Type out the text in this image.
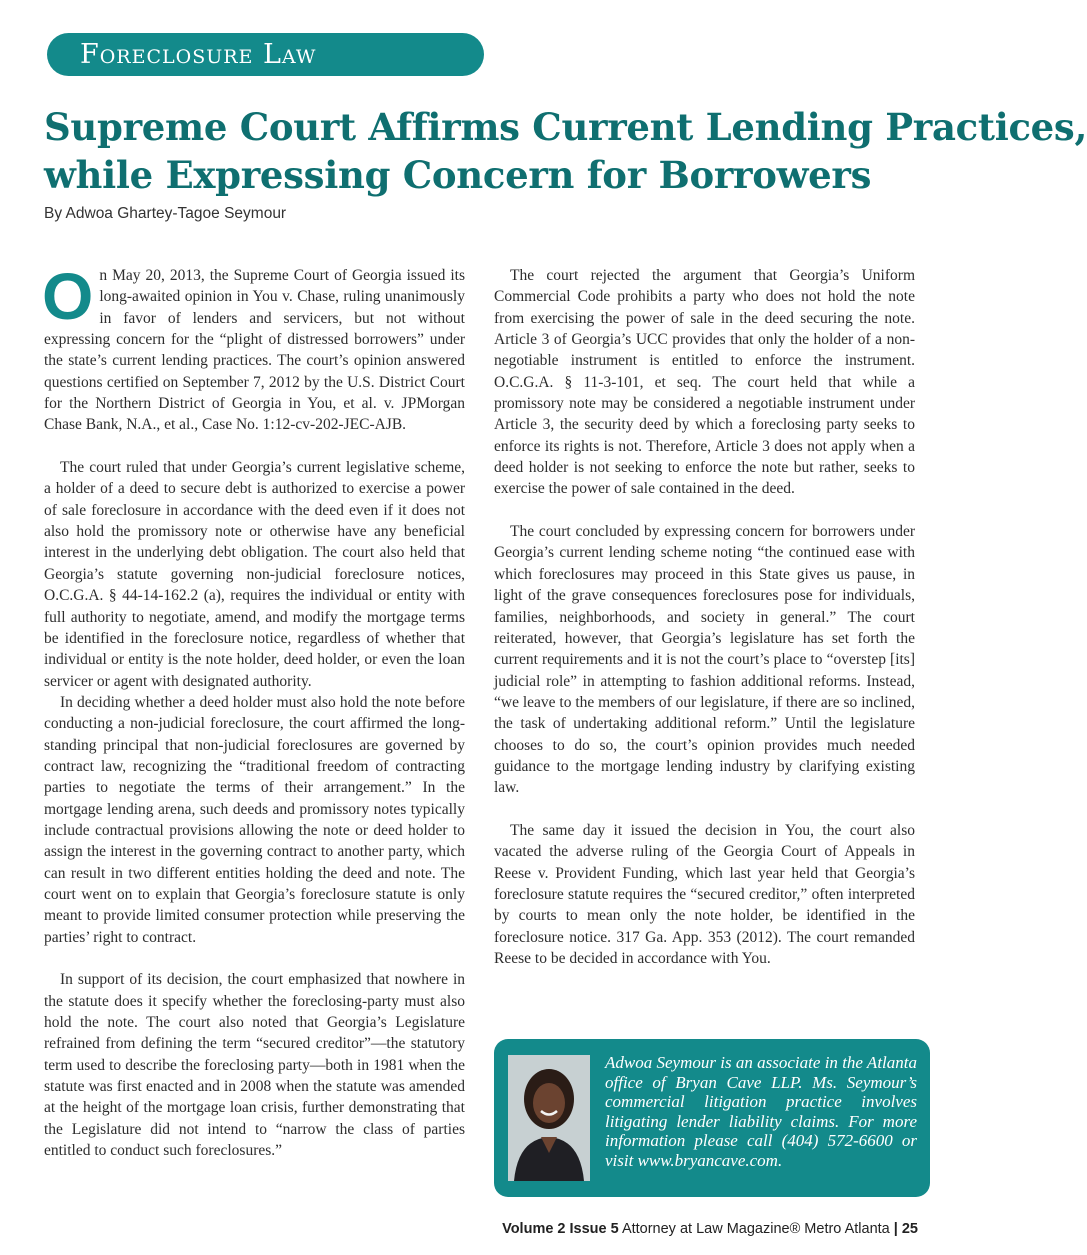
Foreclosure Law
Supreme Court Affirms Current Lending Practices,
while Expressing Concern for Borrowers
By Adwoa Ghartey-Tagoe Seymour

On May 20, 2013, the Supreme Court of Georgia issued its long-awaited opinion in You v. Chase, ruling unanimously in favor of lenders and servicers, but not without expressing concern for the “plight of distressed borrowers” under the state’s current lending practices. The court’s opinion answered questions certified on September 7, 2012 by the U.S. District Court for the Northern District of Georgia in You, et al. v. JPMorgan Chase Bank, N.A., et al., Case No. 1:12-cv-202-JEC-AJB.

The court ruled that under Georgia’s current legislative scheme, a holder of a deed to secure debt is authorized to exercise a power of sale foreclosure in accordance with the deed even if it does not also hold the promissory note or otherwise have any beneficial interest in the underlying debt obligation. The court also held that Georgia’s statute governing non-judicial foreclosure notices, O.C.G.A. § 44-14-162.2 (a), requires the individual or entity with full authority to negotiate, amend, and modify the mortgage terms be identified in the foreclosure notice, regardless of whether that individual or entity is the note holder, deed holder, or even the loan servicer or agent with designated authority.

In deciding whether a deed holder must also hold the note before conducting a non-judicial foreclosure, the court affirmed the long-standing principal that non-judicial foreclosures are governed by contract law, recognizing the “traditional freedom of contracting parties to negotiate the terms of their arrangement.” In the mortgage lending arena, such deeds and promissory notes typically include contractual provisions allowing the note or deed holder to assign the interest in the governing contract to another party, which can result in two different entities holding the deed and note. The court went on to explain that Georgia’s foreclosure statute is only meant to provide limited consumer protection while preserving the parties’ right to contract.

In support of its decision, the court emphasized that nowhere in the statute does it specify whether the foreclosing-party must also hold the note. The court also noted that Georgia’s Legislature refrained from defining the term “secured creditor”—the statutory term used to describe the foreclosing party—both in 1981 when the statute was first enacted and in 2008 when the statute was amended at the height of the mortgage loan crisis, further demonstrating that the Legislature did not intend to “narrow the class of parties entitled to conduct such foreclosures.”

The court rejected the argument that Georgia’s Uniform Commercial Code prohibits a party who does not hold the note from exercising the power of sale in the deed securing the note. Article 3 of Georgia’s UCC provides that only the holder of a non-negotiable instrument is entitled to enforce the instrument. O.C.G.A. § 11-3-101, et seq. The court held that while a promissory note may be considered a negotiable instrument under Article 3, the security deed by which a foreclosing party seeks to enforce its rights is not. Therefore, Article 3 does not apply when a deed holder is not seeking to enforce the note but rather, seeks to exercise the power of sale contained in the deed.

The court concluded by expressing concern for borrowers under Georgia’s current lending scheme noting “the continued ease with which foreclosures may proceed in this State gives us pause, in light of the grave consequences foreclosures pose for individuals, families, neighborhoods, and society in general.” The court reiterated, however, that Georgia’s legislature has set forth the current requirements and it is not the court’s place to “overstep [its] judicial role” in attempting to fashion additional reforms. Instead, “we leave to the members of our legislature, if there are so inclined, the task of undertaking additional reform.” Until the legislature chooses to do so, the court’s opinion provides much needed guidance to the mortgage lending industry by clarifying existing law.

The same day it issued the decision in You, the court also vacated the adverse ruling of the Georgia Court of Appeals in Reese v. Provident Funding, which last year held that Georgia’s foreclosure statute requires the “secured creditor,” often interpreted by courts to mean only the note holder, be identified in the foreclosure notice. 317 Ga. App. 353 (2012). The court remanded Reese to be decided in accordance with You.

Adwoa Seymour is an associate in the Atlanta office of Bryan Cave LLP. Ms. Seymour’s commercial litigation practice involves litigating lender liability claims. For more information please call (404) 572-6600 or visit www.bryancave.com.
Volume 2 Issue 5 Attorney at Law Magazine® Metro Atlanta | 25
